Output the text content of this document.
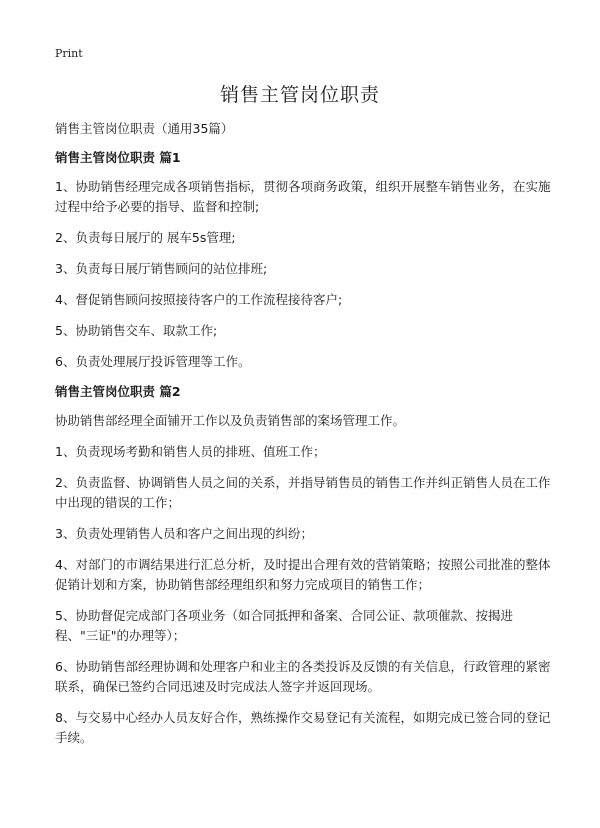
Print
销售主管岗位职责

销售主管岗位职责（通用35篇）

销售主管岗位职责 篇1

1、协助销售经理完成各项销售指标，贯彻各项商务政策，组织开展整车销售业务，在实施过程中给予必要的指导、监督和控制;

2、负责每日展厅的 展车5s管理;

3、负责每日展厅销售顾问的站位排班;

4、督促销售顾问按照接待客户的工作流程接待客户;

5、协助销售交车、取款工作;

6、负责处理展厅投诉管理等工作。

销售主管岗位职责 篇2

协助销售部经理全面铺开工作以及负责销售部的案场管理工作。

1、负责现场考勤和销售人员的排班、值班工作；

2、负责监督、协调销售人员之间的关系，并指导销售员的销售工作并纠正销售人员在工作中出现的错误的工作；

3、负责处理销售人员和客户之间出现的纠纷；

4、对部门的市调结果进行汇总分析，及时提出合理有效的营销策略；按照公司批准的整体促销计划和方案，协助销售部经理组织和努力完成项目的销售工作；

5、协助督促完成部门各项业务（如合同抵押和备案、合同公证、款项催款、按揭进程、"三证"的办理等）；

6、协助销售部经理协调和处理客户和业主的各类投诉及反馈的有关信息，行政管理的紧密联系，确保已签约合同迅速及时完成法人签字并返回现场。

8、与交易中心经办人员友好合作，熟练操作交易登记有关流程，如期完成已签合同的登记手续。
